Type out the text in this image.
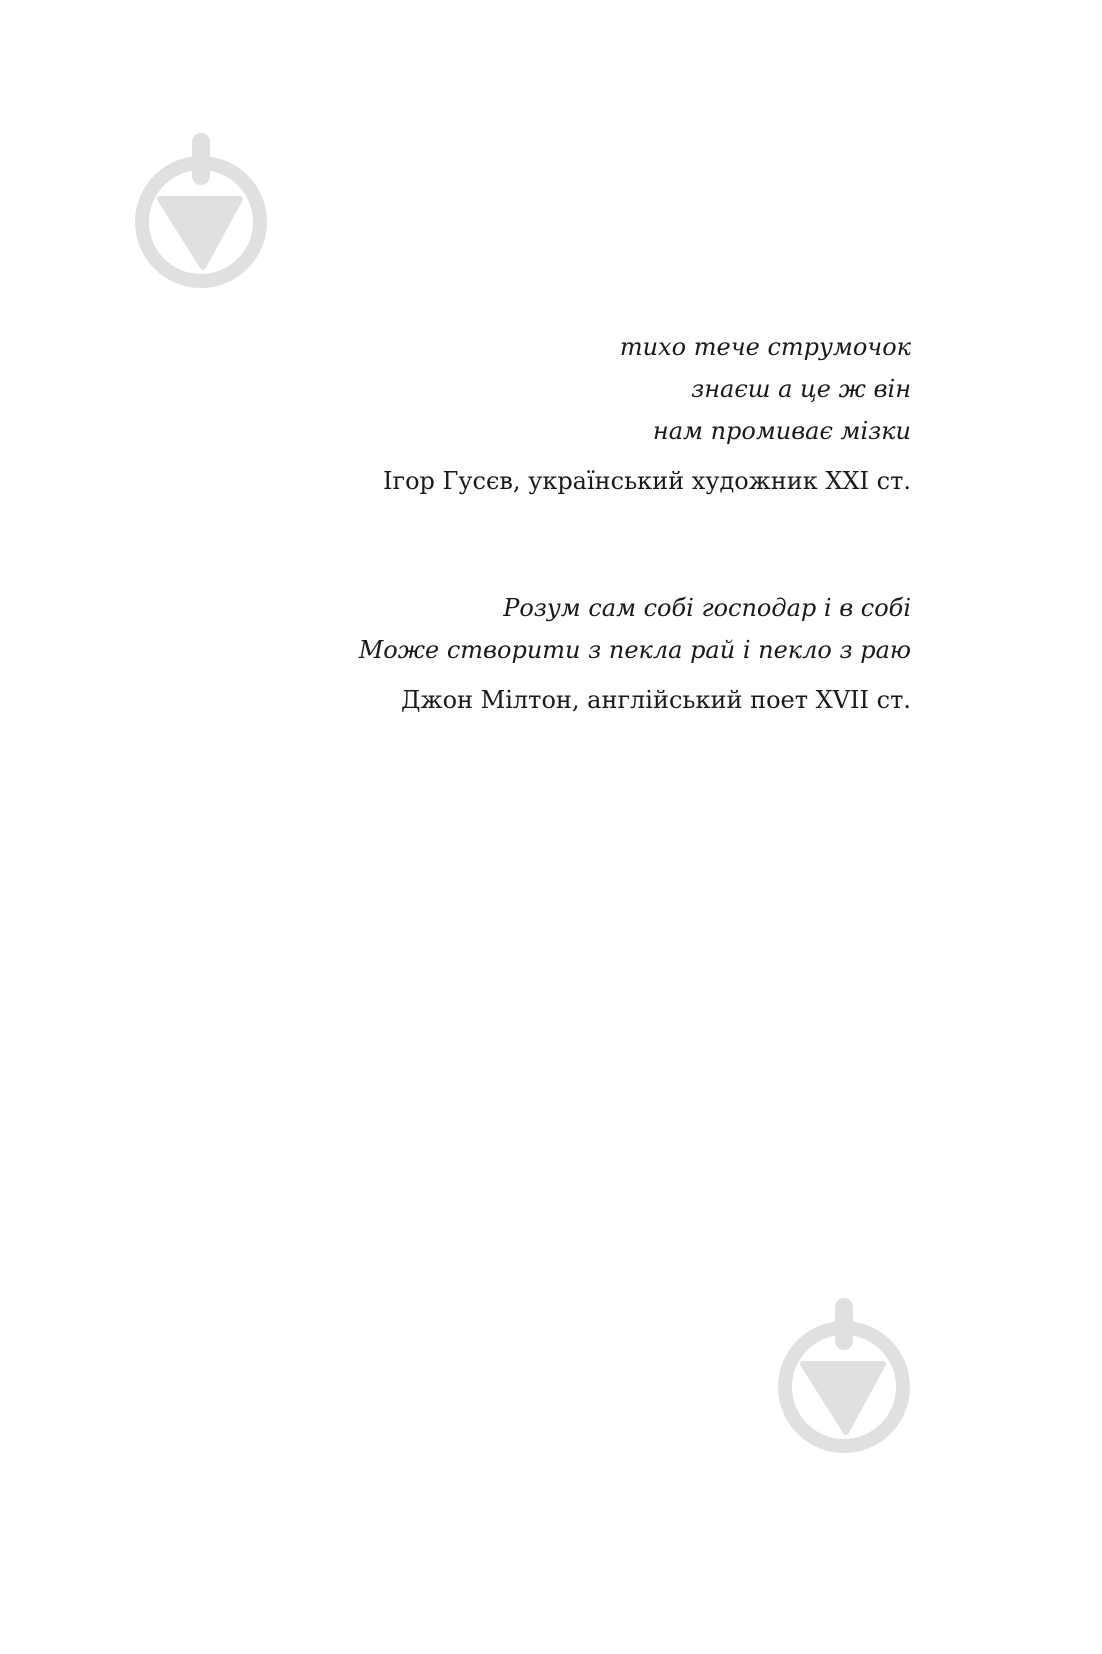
тихо тече струмочок
знаєш а це ж він
нам промиває мізки
Ігор Гусєв, український художник XXI ст.
Розум сам собі господар і в собі
Може створити з пекла рай і пекло з раю
Джон Мілтон, англійський поет XVII ст.
